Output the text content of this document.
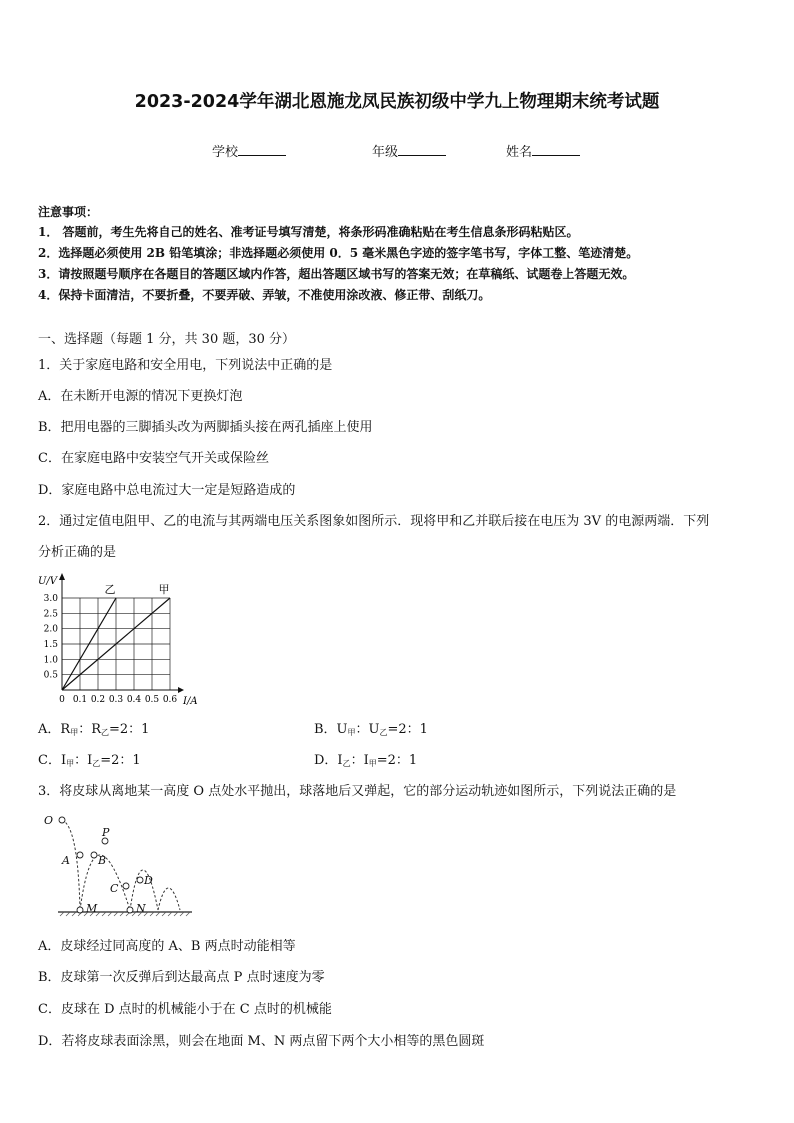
2023-2024学年湖北恩施龙凤民族初级中学九上物理期末统考试题
学校	年级	姓名
注意事项：
1． 答题前，考生先将自己的姓名、准考证号填写清楚，将条形码准确粘贴在考生信息条形码粘贴区。
2．选择题必须使用 2B 铅笔填涂；非选择题必须使用 0．5 毫米黑色字迹的签字笔书写，字体工整、笔迹清楚。
3．请按照题号顺序在各题目的答题区域内作答，超出答题区域书写的答案无效；在草稿纸、试题卷上答题无效。
4．保持卡面清洁，不要折叠，不要弄破、弄皱，不准使用涂改液、修正带、刮纸刀。
一、选择题（每题 1 分，共 30 题，30 分）
1．关于家庭电路和安全用电，下列说法中正确的是
A．在未断开电源的情况下更换灯泡
B．把用电器的三脚插头改为两脚插头接在两孔插座上使用
C．在家庭电路中安装空气开关或保险丝
D．家庭电路中总电流过大一定是短路造成的
2．通过定值电阻甲、乙的电流与其两端电压关系图象如图所示．现将甲和乙并联后接在电压为 3V 的电源两端．下列
分析正确的是
0 0.1 0.2 0.3 0.4 0.5 0.6
0.5
1.0
1.5
2.0
2.5
3.0
乙	甲
U/V
I/A
A．$R_甲$：$R_乙=2$：1	B．$U_甲$：$U_乙=2$：1
C．$I_甲$：$I_乙=2$：1	D．$I_乙$：$I_甲=2$：1
3．将皮球从离地某一高度 O 点处水平抛出，球落地后又弹起，它的部分运动轨迹如图所示，下列说法正确的是
O
A	B
P
C
D
M	N
A．皮球经过同高度的 A、B 两点时动能相等
B．皮球第一次反弹后到达最高点 P 点时速度为零
C．皮球在 D 点时的机械能小于在 C 点时的机械能
D．若将皮球表面涂黑，则会在地面 M、N 两点留下两个大小相等的黑色圆斑
